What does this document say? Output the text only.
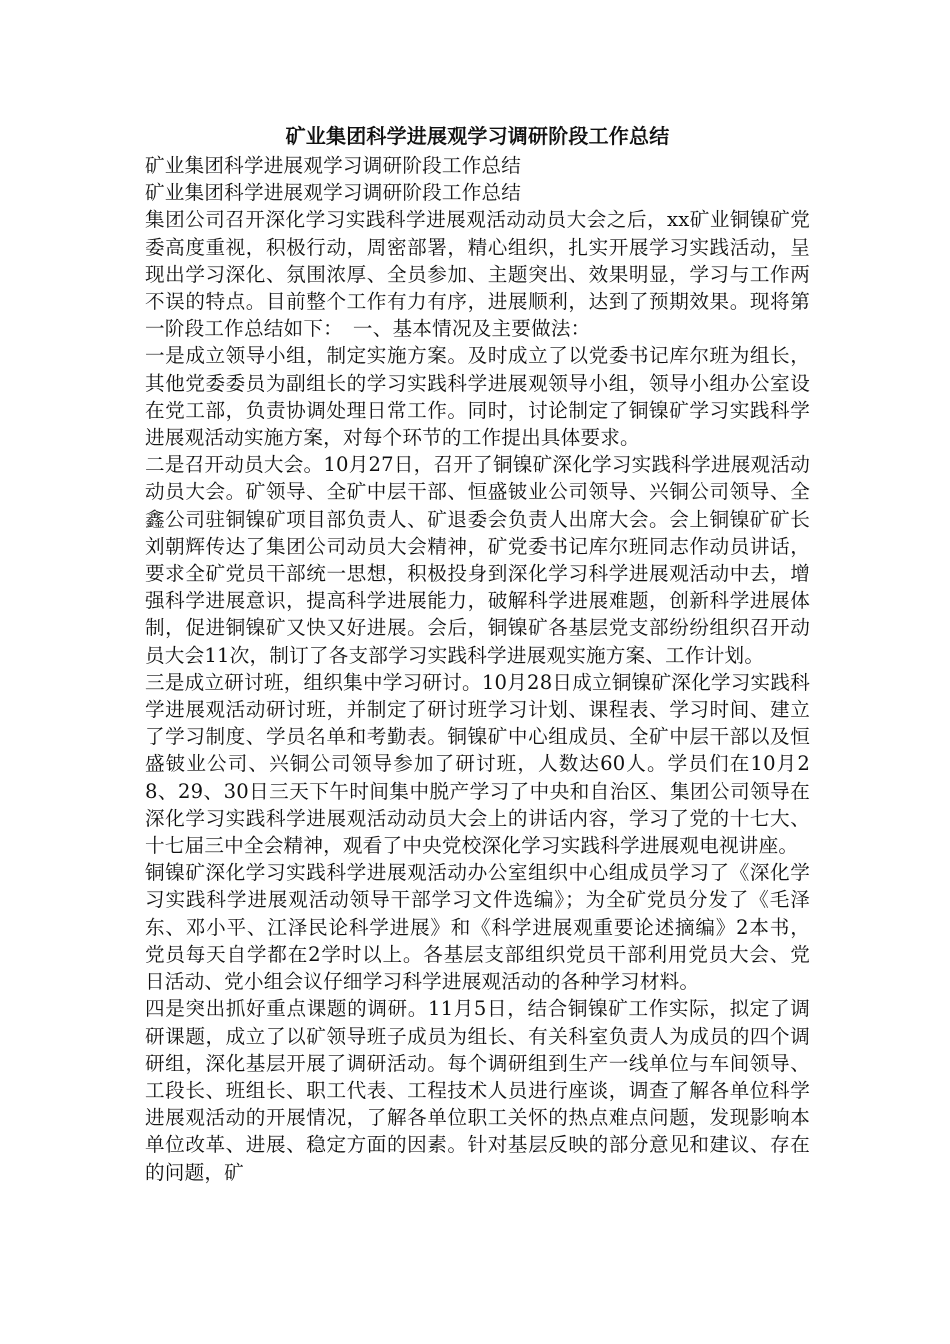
矿业集团科学进展观学习调研阶段工作总结

矿业集团科学进展观学习调研阶段工作总结

矿业集团科学进展观学习调研阶段工作总结

集团公司召开深化学习实践科学进展观活动动员大会之后，xx矿业铜镍矿党委高度重视，积极行动，周密部署，精心组织，扎实开展学习实践活动，呈现出学习深化、氛围浓厚、全员参加、主题突出、效果明显，学习与工作两不误的特点。目前整个工作有力有序，进展顺利，达到了预期效果。现将第一阶段工作总结如下：　一、基本情况及主要做法：

一是成立领导小组，制定实施方案。及时成立了以党委书记库尔班为组长，其他党委委员为副组长的学习实践科学进展观领导小组，领导小组办公室设在党工部，负责协调处理日常工作。同时，讨论制定了铜镍矿学习实践科学进展观活动实施方案，对每个环节的工作提出具体要求。

二是召开动员大会。10月27日，召开了铜镍矿深化学习实践科学进展观活动动员大会。矿领导、全矿中层干部、恒盛铍业公司领导、兴铜公司领导、全鑫公司驻铜镍矿项目部负责人、矿退委会负责人出席大会。会上铜镍矿矿长刘朝辉传达了集团公司动员大会精神，矿党委书记库尔班同志作动员讲话，要求全矿党员干部统一思想，积极投身到深化学习科学进展观活动中去，增强科学进展意识，提高科学进展能力，破解科学进展难题，创新科学进展体制，促进铜镍矿又快又好进展。会后，铜镍矿各基层党支部纷纷组织召开动员大会11次，制订了各支部学习实践科学进展观实施方案、工作计划。

三是成立研讨班，组织集中学习研讨。10月28日成立铜镍矿深化学习实践科学进展观活动研讨班，并制定了研讨班学习计划、课程表、学习时间、建立了学习制度、学员名单和考勤表。铜镍矿中心组成员、全矿中层干部以及恒盛铍业公司、兴铜公司领导参加了研讨班，人数达60人。学员们在10月28、29、30日三天下午时间集中脱产学习了中央和自治区、集团公司领导在深化学习实践科学进展观活动动员大会上的讲话内容，学习了党的十七大、十七届三中全会精神，观看了中央党校深化学习实践科学进展观电视讲座。

铜镍矿深化学习实践科学进展观活动办公室组织中心组成员学习了《深化学习实践科学进展观活动领导干部学习文件选编》；为全矿党员分发了《毛泽东、邓小平、江泽民论科学进展》和《科学进展观重要论述摘编》2本书，党员每天自学都在2学时以上。各基层支部组织党员干部利用党员大会、党日活动、党小组会议仔细学习科学进展观活动的各种学习材料。

四是突出抓好重点课题的调研。11月5日，结合铜镍矿工作实际，拟定了调研课题，成立了以矿领导班子成员为组长、有关科室负责人为成员的四个调研组，深化基层开展了调研活动。每个调研组到生产一线单位与车间领导、工段长、班组长、职工代表、工程技术人员进行座谈，调查了解各单位科学进展观活动的开展情况，了解各单位职工关怀的热点难点问题，发现影响本单位改革、进展、稳定方面的因素。针对基层反映的部分意见和建议、存在的问题，矿
